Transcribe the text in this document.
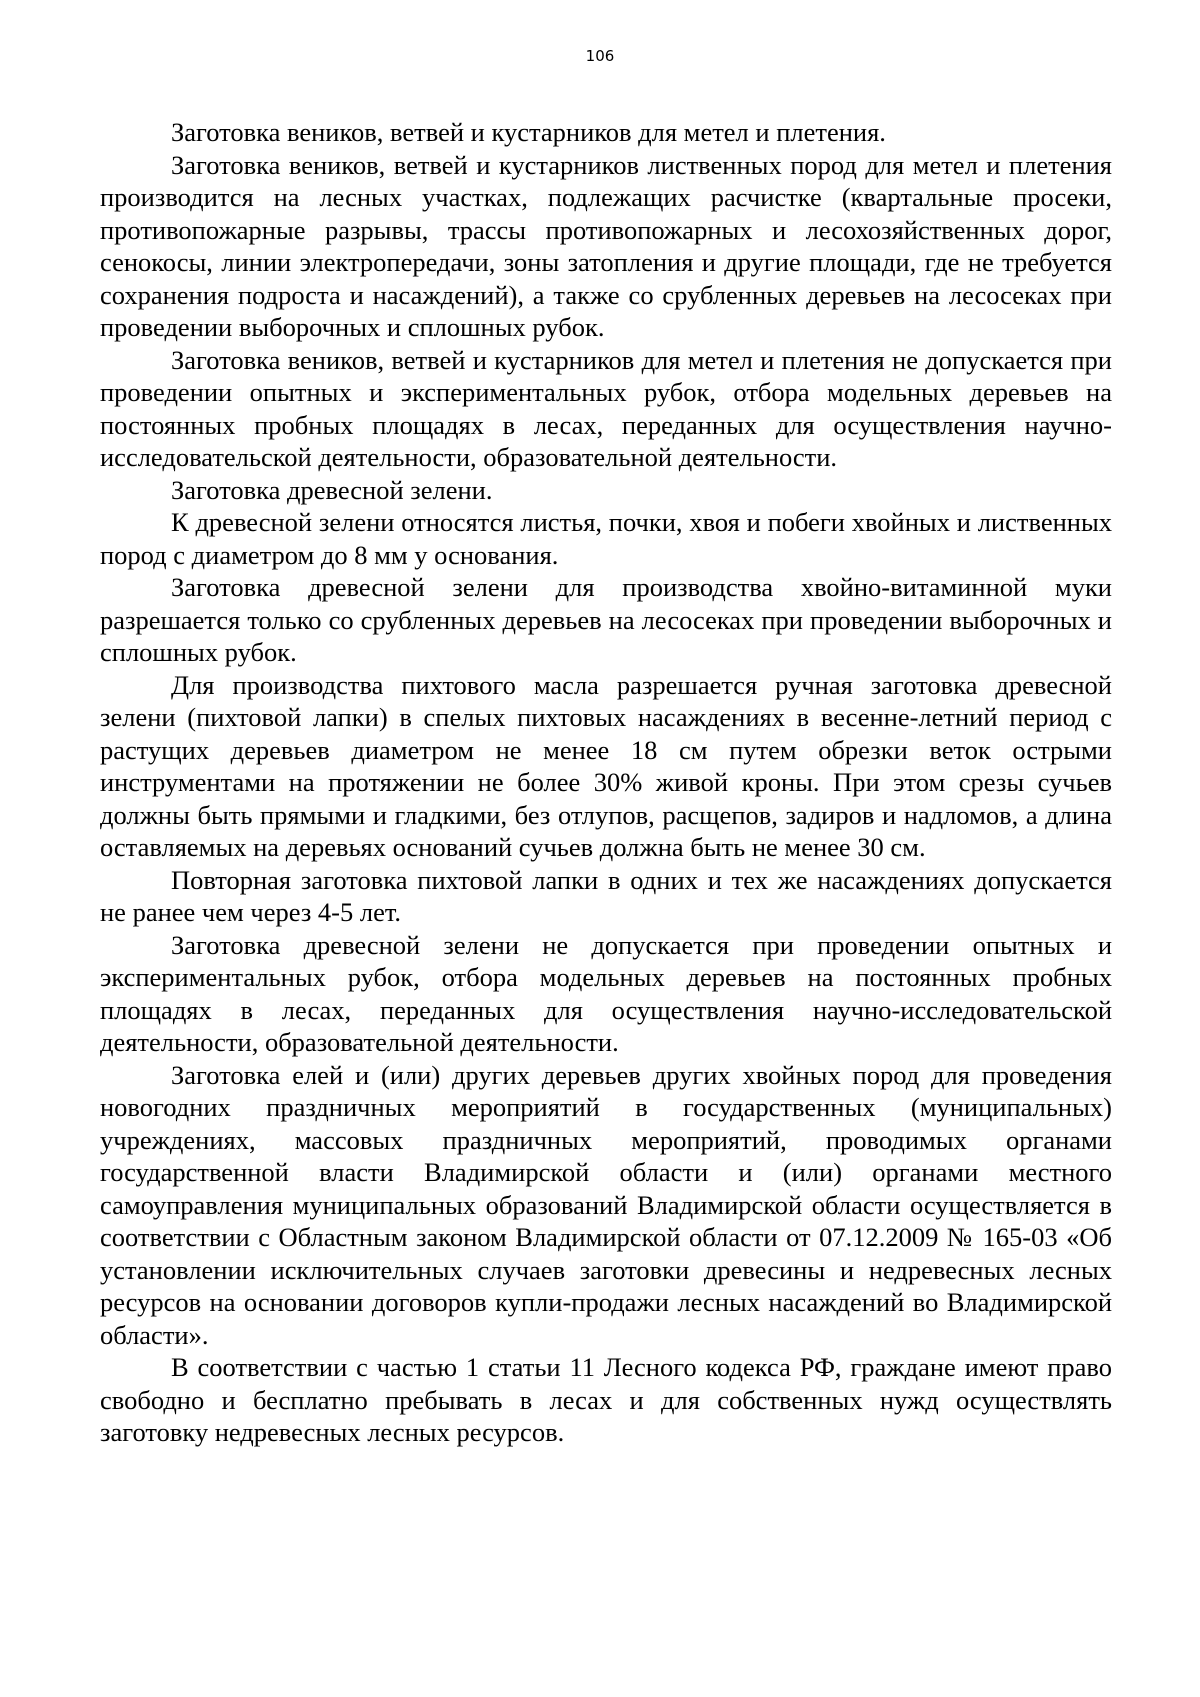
106

Заготовка веников, ветвей и кустарников для метел и плетения.

Заготовка веников, ветвей и кустарников лиственных пород для метел и плетения производится на лесных участках, подлежащих расчистке (квартальные просеки, противопожарные разрывы, трассы противопожарных и лесохозяйственных дорог, сенокосы, линии электропередачи, зоны затопления и другие площади, где не требуется сохранения подроста и насаждений), а также со срубленных деревьев на лесосеках при проведении выборочных и сплошных рубок.

Заготовка веников, ветвей и кустарников для метел и плетения не допускается при проведении опытных и экспериментальных рубок, отбора модельных деревьев на постоянных пробных площадях в лесах, переданных для осуществления научно-исследовательской деятельности, образовательной деятельности.

Заготовка древесной зелени.

К древесной зелени относятся листья, почки, хвоя и побеги хвойных и лиственных пород с диаметром до 8 мм у основания.

Заготовка древесной зелени для производства хвойно-витаминной муки разрешается только со срубленных деревьев на лесосеках при проведении выборочных и сплошных рубок.

Для производства пихтового масла разрешается ручная заготовка древесной зелени (пихтовой лапки) в спелых пихтовых насаждениях в весенне-летний период с растущих деревьев диаметром не менее 18 см путем обрезки веток острыми инструментами на протяжении не более 30% живой кроны. При этом срезы сучьев должны быть прямыми и гладкими, без отлупов, расщепов, задиров и надломов, а длина оставляемых на деревьях оснований сучьев должна быть не менее 30 см.

Повторная заготовка пихтовой лапки в одних и тех же насаждениях допускается не ранее чем через 4-5 лет.

Заготовка древесной зелени не допускается при проведении опытных и экспериментальных рубок, отбора модельных деревьев на постоянных пробных площадях в лесах, переданных для осуществления научно-исследовательской деятельности, образовательной деятельности.

Заготовка елей и (или) других деревьев других хвойных пород для проведения новогодних праздничных мероприятий в государственных (муниципальных) учреждениях, массовых праздничных мероприятий, проводимых органами государственной власти Владимирской области и (или) органами местного самоуправления муниципальных образований Владимирской области осуществляется в соответствии с Областным законом Владимирской области от 07.12.2009 № 165-03 «Об установлении исключительных случаев заготовки древесины и недревесных лесных ресурсов на основании договоров купли-продажи лесных насаждений во Владимирской области».

В соответствии с частью 1 статьи 11 Лесного кодекса РФ, граждане имеют право свободно и бесплатно пребывать в лесах и для собственных нужд осуществлять заготовку недревесных лесных ресурсов.
